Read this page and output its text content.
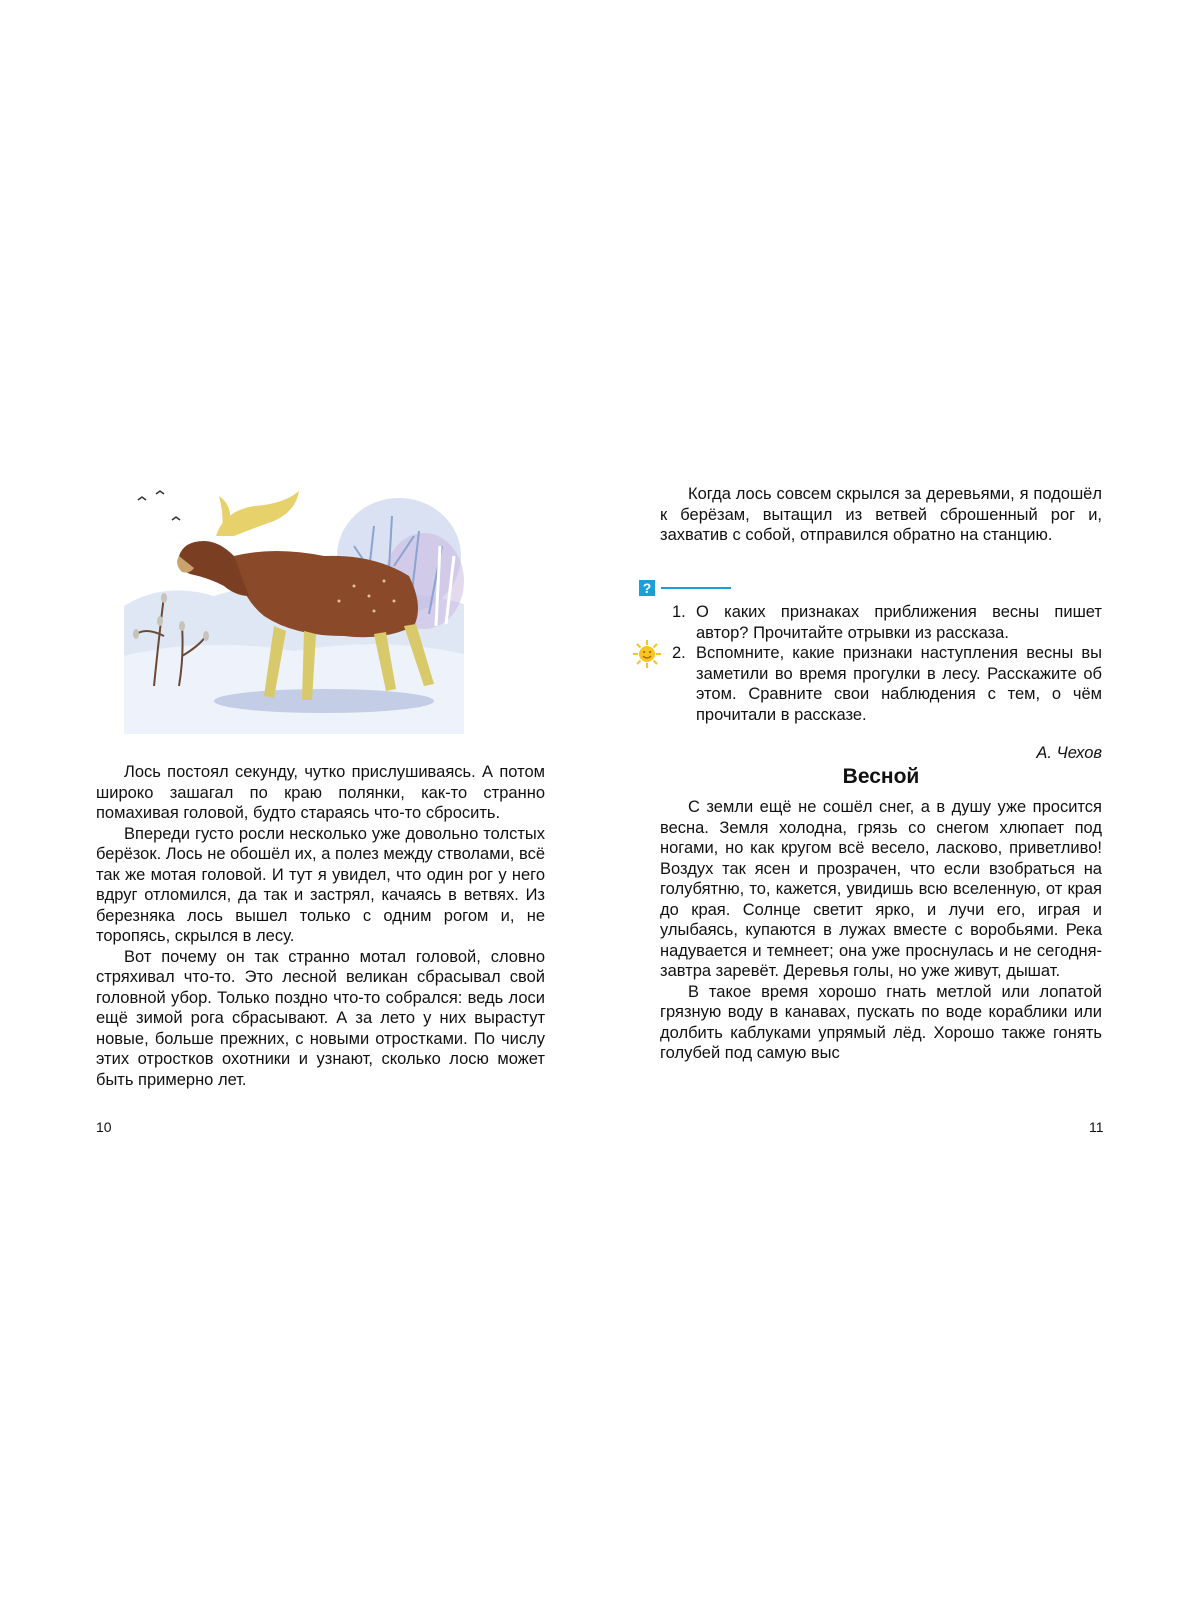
Лось постоял секунду, чутко прислушиваясь. А потом широко зашагал по краю полянки, как-то странно помахивая головой, будто стараясь что-то сбросить.

Впереди густо росли несколько уже довольно толстых берёзок. Лось не обошёл их, а полез между стволами, всё так же мотая головой. И тут я увидел, что один рог у него вдруг отломился, да так и застрял, качаясь в ветвях. Из березняка лось вышел только с одним рогом и, не торопясь, скрылся в лесу.

Вот почему он так странно мотал головой, словно стряхивал что-то. Это лесной великан сбрасывал свой головной убор. Только поздно что-то собрался: ведь лоси ещё зимой рога сбрасывают. А за лето у них вырастут новые, больше прежних, с новыми отростками. По числу этих отростков охотники и узнают, сколько лосю может быть примерно лет.

10

Когда лось совсем скрылся за деревьями, я подошёл к берёзам, вытащил из ветвей сброшенный рог и, захватив с собой, отправился обратно на станцию.

?
1. О каких признаках приближения весны пишет автор? Прочитайте отрывки из рассказа.
2. Вспомните, какие признаки наступления весны вы заметили во время прогулки в лесу. Расскажите об этом. Сравните свои наблюдения с тем, о чём прочитали в рассказе.
А. Чехов
Весной

С земли ещё не сошёл снег, а в душу уже просится весна. Земля холодна, грязь со снегом хлюпает под ногами, но как кругом всё весело, ласково, приветливо! Воздух так ясен и прозрачен, что если взобраться на голубятню, то, кажется, увидишь всю вселенную, от края до края. Солнце светит ярко, и лучи его, играя и улыбаясь, купаются в лужах вместе с воробьями. Река надувается и темнеет; она уже проснулась и не сегодня-завтра заревёт. Деревья голы, но уже живут, дышат.

В такое время хорошо гнать метлой или лопатой грязную воду в канавах, пускать по воде кораблики или долбить каблуками упрямый лёд. Хорошо также гонять голубей под самую выс

11
